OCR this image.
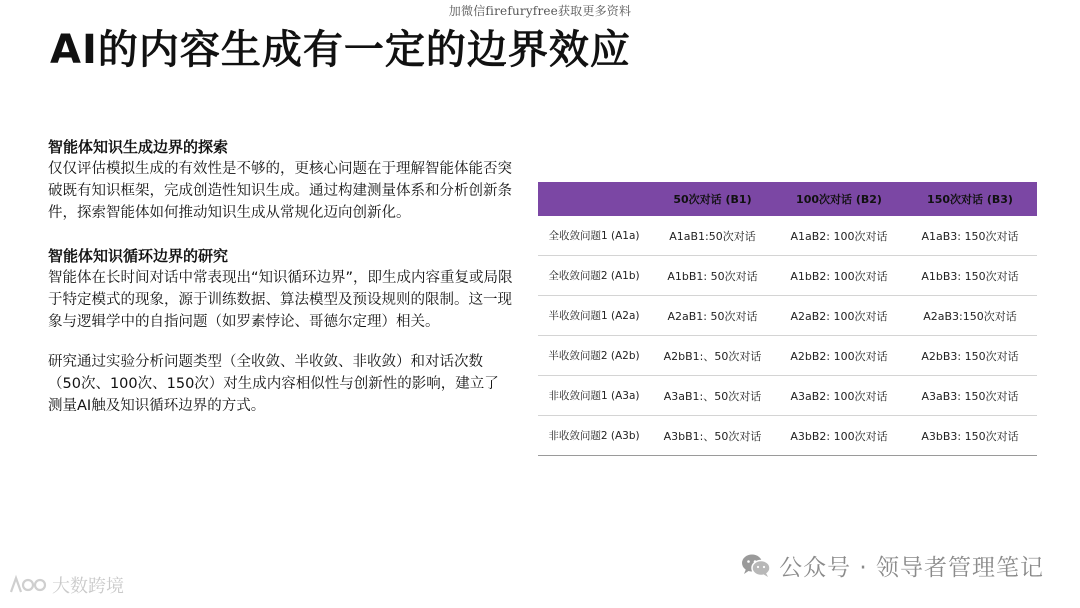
加微信firefuryfree获取更多资料
AI的内容生成有一定的边界效应
智能体知识生成边界的探索

仅仅评估模拟生成的有效性是不够的，更核心问题在于理解智能体能否突破既有知识框架，完成创造性知识生成。通过构建测量体系和分析创新条件，探索智能体如何推动知识生成从常规化迈向创新化。

智能体知识循环边界的研究

智能体在长时间对话中常表现出“知识循环边界”，即生成内容重复或局限于特定模式的现象，源于训练数据、算法模型及预设规则的限制。这一现象与逻辑学中的自指问题（如罗素悖论、哥德尔定理）相关。

研究通过实验分析问题类型（全收敛、半收敛、非收敛）和对话次数（50次、100次、150次）对生成内容相似性与创新性的影响，建立了测量AI触及知识循环边界的方式。

	50次对话 (B1)	100次对话 (B2)	150次对话 (B3)
全收敛问题1 (A1a)	A1aB1:50次对话	A1aB2: 100次对话	A1aB3: 150次对话
全收敛问题2 (A1b)	A1bB1: 50次对话	A1bB2: 100次对话	A1bB3: 150次对话
半收敛问题1 (A2a)	A2aB1: 50次对话	A2aB2: 100次对话	A2aB3:150次对话
半收敛问题2 (A2b)	A2bB1:、50次对话	A2bB2: 100次对话	A2bB3: 150次对话
非收敛问题1 (A3a)	A3aB1:、50次对话	A3aB2: 100次对话	A3aB3: 150次对话
非收敛问题2 (A3b)	A3bB1:、50次对话	A3bB2: 100次对话	A3bB3: 150次对话
公众号 · 领导者管理笔记
大数跨境
